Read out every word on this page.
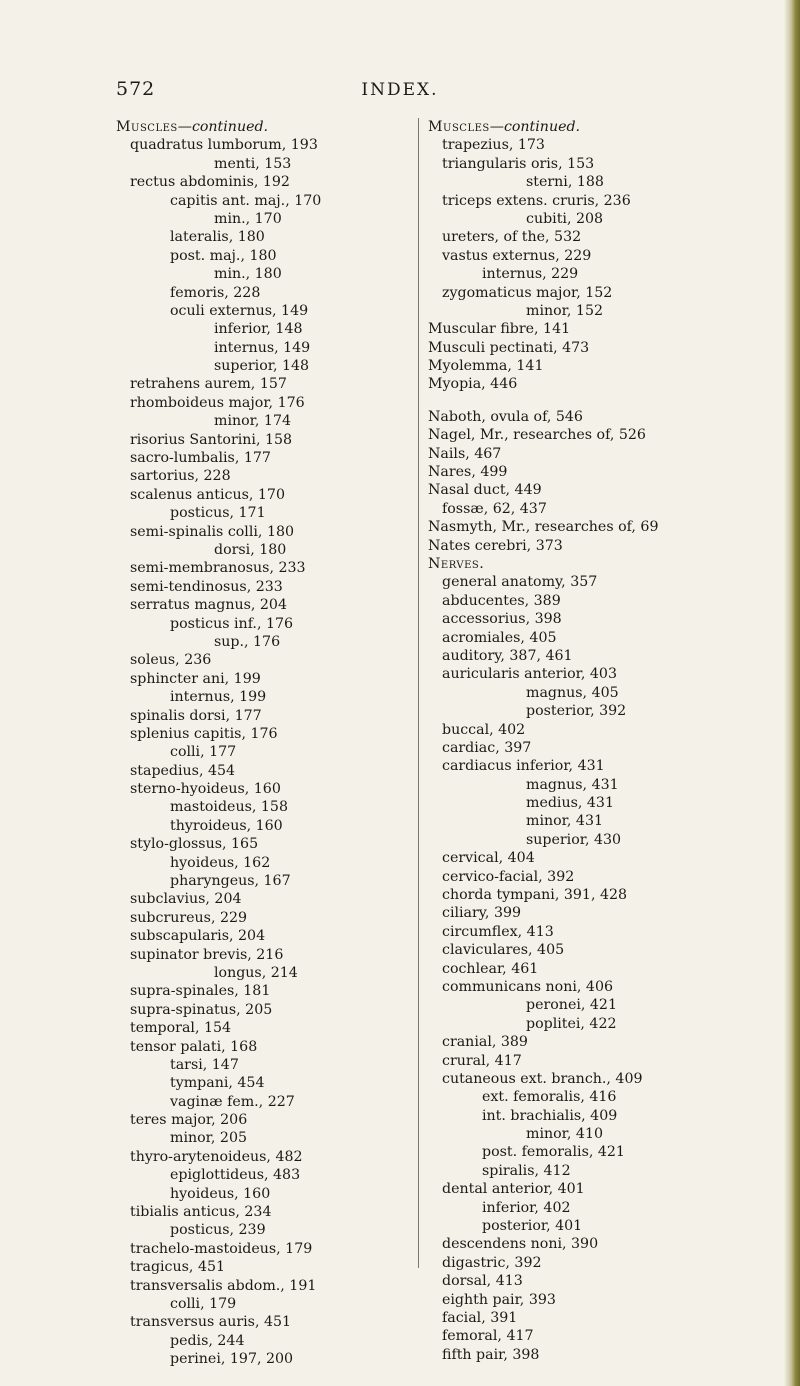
572	INDEX.
Muscles—continued.
quadratus lumborum, 193
menti, 153
rectus abdominis, 192
capitis ant. maj., 170
min., 170
lateralis, 180
post. maj., 180
min., 180
femoris, 228
oculi externus, 149
inferior, 148
internus, 149
superior, 148
retrahens aurem, 157
rhomboideus major, 176
minor, 174
risorius Santorini, 158
sacro-lumbalis, 177
sartorius, 228
scalenus anticus, 170
posticus, 171
semi-spinalis colli, 180
dorsi, 180
semi-membranosus, 233
semi-tendinosus, 233
serratus magnus, 204
posticus inf., 176
sup., 176
soleus, 236
sphincter ani, 199
internus, 199
spinalis dorsi, 177
splenius capitis, 176
colli, 177
stapedius, 454
sterno-hyoideus, 160
mastoideus, 158
thyroideus, 160
stylo-glossus, 165
hyoideus, 162
pharyngeus, 167
subclavius, 204
subcrureus, 229
subscapularis, 204
supinator brevis, 216
longus, 214
supra-spinales, 181
supra-spinatus, 205
temporal, 154
tensor palati, 168
tarsi, 147
tympani, 454
vaginæ fem., 227
teres major, 206
minor, 205
thyro-arytenoideus, 482
epiglottideus, 483
hyoideus, 160
tibialis anticus, 234
posticus, 239
trachelo-mastoideus, 179
tragicus, 451
transversalis abdom., 191
colli, 179
transversus auris, 451
pedis, 244
perinei, 197, 200
Muscles—continued.
trapezius, 173
triangularis oris, 153
sterni, 188
triceps extens. cruris, 236
cubiti, 208
ureters, of the, 532
vastus externus, 229
internus, 229
zygomaticus major, 152
minor, 152
Muscular fibre, 141
Musculi pectinati, 473
Myolemma, 141
Myopia, 446
Naboth, ovula of, 546
Nagel, Mr., researches of, 526
Nails, 467
Nares, 499
Nasal duct, 449
fossæ, 62, 437
Nasmyth, Mr., researches of, 69
Nates cerebri, 373
Nerves.
general anatomy, 357
abducentes, 389
accessorius, 398
acromiales, 405
auditory, 387, 461
auricularis anterior, 403
magnus, 405
posterior, 392
buccal, 402
cardiac, 397
cardiacus inferior, 431
magnus, 431
medius, 431
minor, 431
superior, 430
cervical, 404
cervico-facial, 392
chorda tympani, 391, 428
ciliary, 399
circumflex, 413
claviculares, 405
cochlear, 461
communicans noni, 406
peronei, 421
poplitei, 422
cranial, 389
crural, 417
cutaneous ext. branch., 409
ext. femoralis, 416
int. brachialis, 409
minor, 410
post. femoralis, 421
spiralis, 412
dental anterior, 401
inferior, 402
posterior, 401
descendens noni, 390
digastric, 392
dorsal, 413
eighth pair, 393
facial, 391
femoral, 417
fifth pair, 398
